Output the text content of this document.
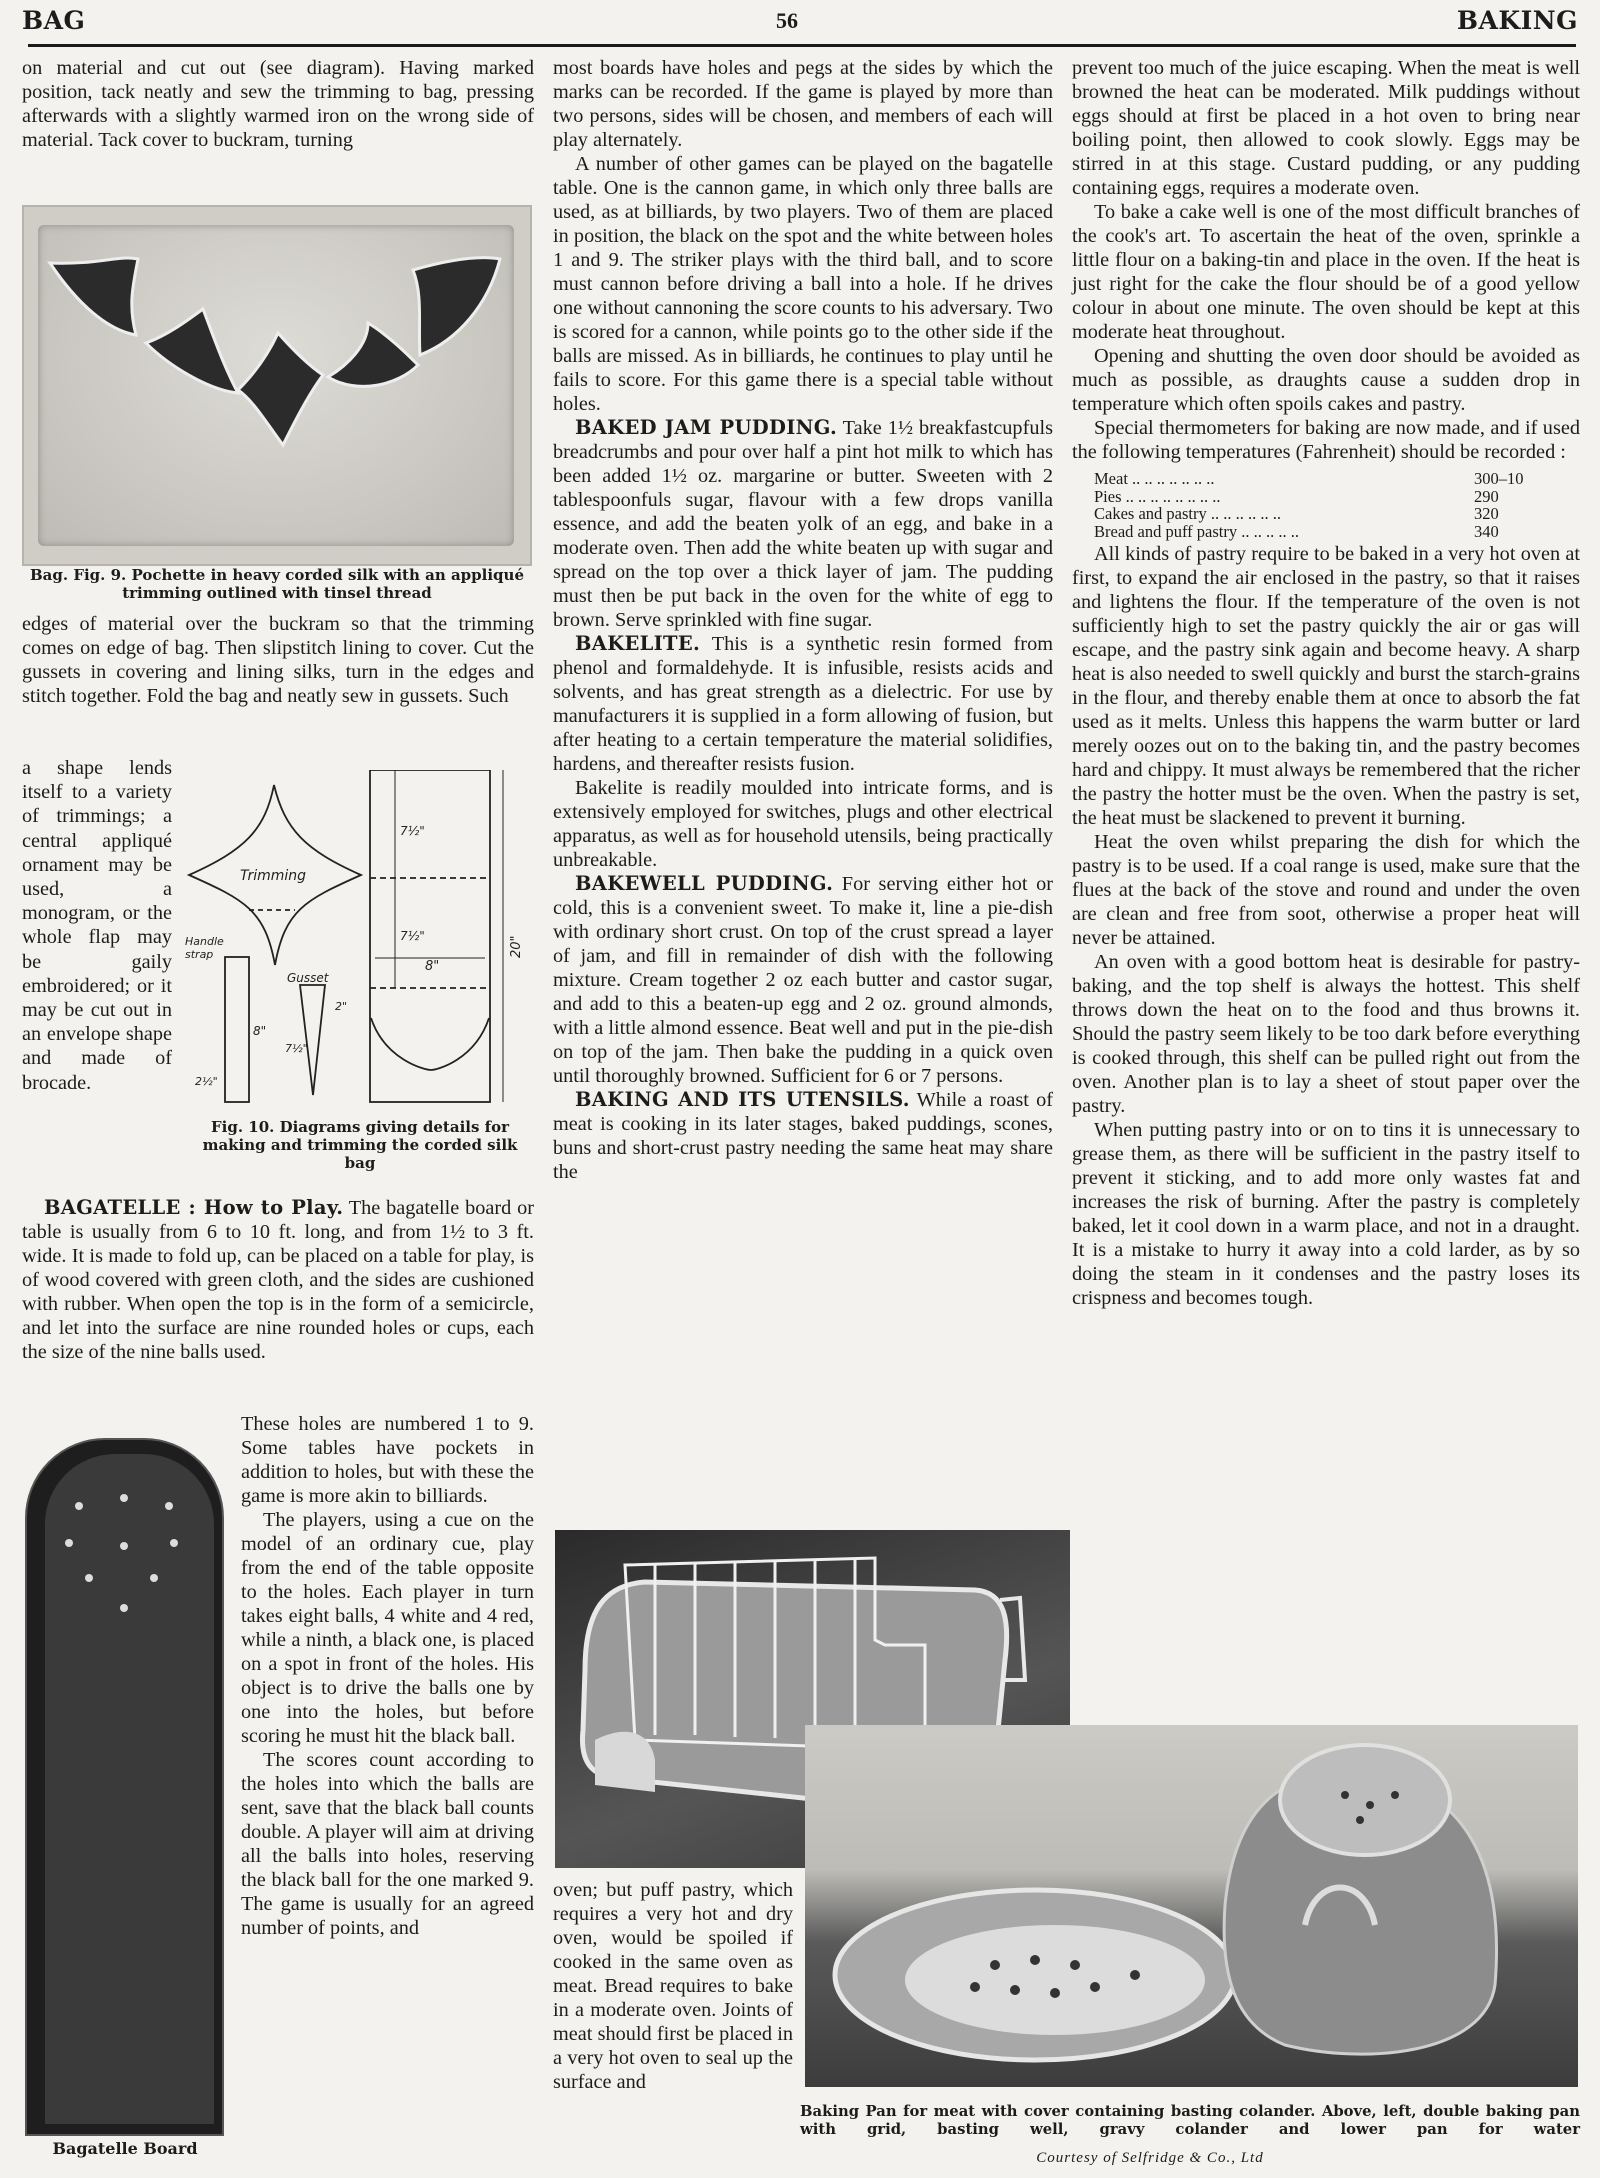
BAG	56	BAKING

on material and cut out (see diagram). Having marked position, tack neatly and sew the trimming to bag, pressing afterwards with a slightly warmed iron on the wrong side of material. Tack cover to buckram, turning

Bag. Fig. 9. Pochette in heavy corded silk with an appliqué trimming outlined with tinsel thread

edges of material over the buckram so that the trimming comes on edge of bag. Then slipstitch lining to cover. Cut the gussets in covering and lining silks, turn in the edges and stitch together. Fold the bag and neatly sew in gussets. Such

a shape lends itself to a variety of trimmings; a central appliqué ornament may be used, a monogram, or the whole flap may be gaily embroidered; or it may be cut out in an envelope shape and made of brocade.

Trimming
Handle
strap
Gusset
7½"
7½"
8"
20"
8"
2½"
2"
7½"
Fig. 10. Diagrams giving details for making and trimming the corded silk bag

BAGATELLE : How to Play. The bagatelle board or table is usually from 6 to 10 ft. long, and from 1½ to 3 ft. wide. It is made to fold up, can be placed on a table for play, is of wood covered with green cloth, and the sides are cushioned with rubber. When open the top is in the form of a semicircle, and let into the surface are nine rounded holes or cups, each the size of the nine balls used.

Bagatelle Board

These holes are numbered 1 to 9. Some tables have pockets in addition to holes, but with these the game is more akin to billiards.

The players, using a cue on the model of an ordinary cue, play from the end of the table opposite to the holes. Each player in turn takes eight balls, 4 white and 4 red, while a ninth, a black one, is placed on a spot in front of the holes. His object is to drive the balls one by one into the holes, but before scoring he must hit the black ball.

The scores count according to the holes into which the balls are sent, save that the black ball counts double. A player will aim at driving all the balls into holes, reserving the black ball for the one marked 9. The game is usually for an agreed number of points, and

most boards have holes and pegs at the sides by which the marks can be recorded. If the game is played by more than two persons, sides will be chosen, and members of each will play alternately.

A number of other games can be played on the bagatelle table. One is the cannon game, in which only three balls are used, as at billiards, by two players. Two of them are placed in position, the black on the spot and the white between holes 1 and 9. The striker plays with the third ball, and to score must cannon before driving a ball into a hole. If he drives one without cannoning the score counts to his adversary. Two is scored for a cannon, while points go to the other side if the balls are missed. As in billiards, he continues to play until he fails to score. For this game there is a special table without holes.

BAKED JAM PUDDING. Take 1½ breakfastcupfuls breadcrumbs and pour over half a pint hot milk to which has been added 1½ oz. margarine or butter. Sweeten with 2 tablespoonfuls sugar, flavour with a few drops vanilla essence, and add the beaten yolk of an egg, and bake in a moderate oven. Then add the white beaten up with sugar and spread on the top over a thick layer of jam. The pudding must then be put back in the oven for the white of egg to brown. Serve sprinkled with fine sugar.

BAKELITE. This is a synthetic resin formed from phenol and formaldehyde. It is infusible, resists acids and solvents, and has great strength as a dielectric. For use by manufacturers it is supplied in a form allowing of fusion, but after heating to a certain temperature the material solidifies, hardens, and thereafter resists fusion.

Bakelite is readily moulded into intricate forms, and is extensively employed for switches, plugs and other electrical apparatus, as well as for household utensils, being practically unbreakable.

BAKEWELL PUDDING. For serving either hot or cold, this is a convenient sweet. To make it, line a pie-dish with ordinary short crust. On top of the crust spread a layer of jam, and fill in remainder of dish with the following mixture. Cream together 2 oz each butter and castor sugar, and add to this a beaten-up egg and 2 oz. ground almonds, with a little almond essence. Beat well and put in the pie-dish on top of the jam. Then bake the pudding in a quick oven until thoroughly browned. Sufficient for 6 or 7 persons.

BAKING AND ITS UTENSILS. While a roast of meat is cooking in its later stages, baked puddings, scones, buns and short-crust pastry needing the same heat may share the

oven; but puff pastry, which requires a very hot and dry oven, would be spoiled if cooked in the same oven as meat. Bread requires to bake in a moderate oven. Joints of meat should first be placed in a very hot oven to seal up the surface and

prevent too much of the juice escaping. When the meat is well browned the heat can be moderated. Milk puddings without eggs should at first be placed in a hot oven to bring near boiling point, then allowed to cook slowly. Eggs may be stirred in at this stage. Custard pudding, or any pudding containing eggs, requires a moderate oven.

To bake a cake well is one of the most difficult branches of the cook's art. To ascertain the heat of the oven, sprinkle a little flour on a baking-tin and place in the oven. If the heat is just right for the cake the flour should be of a good yellow colour in about one minute. The oven should be kept at this moderate heat throughout.

Opening and shutting the oven door should be avoided as much as possible, as draughts cause a sudden drop in temperature which often spoils cakes and pastry.

Special thermometers for baking are now made, and if used the following temperatures (Fahrenheit) should be recorded :

Meat .. .. .. .. .. .. ..	300–10
Pies .. .. .. .. .. .. .. ..	290
Cakes and pastry .. .. .. .. .. ..	320
Bread and puff pastry .. .. .. .. ..	340

All kinds of pastry require to be baked in a very hot oven at first, to expand the air enclosed in the pastry, so that it raises and lightens the flour. If the temperature of the oven is not sufficiently high to set the pastry quickly the air or gas will escape, and the pastry sink again and become heavy. A sharp heat is also needed to swell quickly and burst the starch-grains in the flour, and thereby enable them at once to absorb the fat used as it melts. Unless this happens the warm butter or lard merely oozes out on to the baking tin, and the pastry becomes hard and chippy. It must always be remembered that the richer the pastry the hotter must be the oven. When the pastry is set, the heat must be slackened to prevent it burning.

Heat the oven whilst preparing the dish for which the pastry is to be used. If a coal range is used, make sure that the flues at the back of the stove and round and under the oven are clean and free from soot, otherwise a proper heat will never be attained.

An oven with a good bottom heat is desirable for pastry-baking, and the top shelf is always the hottest. This shelf throws down the heat on to the food and thus browns it. Should the pastry seem likely to be too dark before everything is cooked through, this shelf can be pulled right out from the oven. Another plan is to lay a sheet of stout paper over the pastry.

When putting pastry into or on to tins it is unnecessary to grease them, as there will be sufficient in the pastry itself to prevent it sticking, and to add more only wastes fat and increases the risk of burning. After the pastry is completely baked, let it cool down in a warm place, and not in a draught. It is a mistake to hurry it away into a cold larder, as by so doing the steam in it condenses and the pastry loses its crispness and becomes tough.

Baking Pan for meat with cover containing basting colander. Above, left, double baking pan with grid, basting well, gravy colander and lower pan for water
Courtesy of Selfridge & Co., Ltd
